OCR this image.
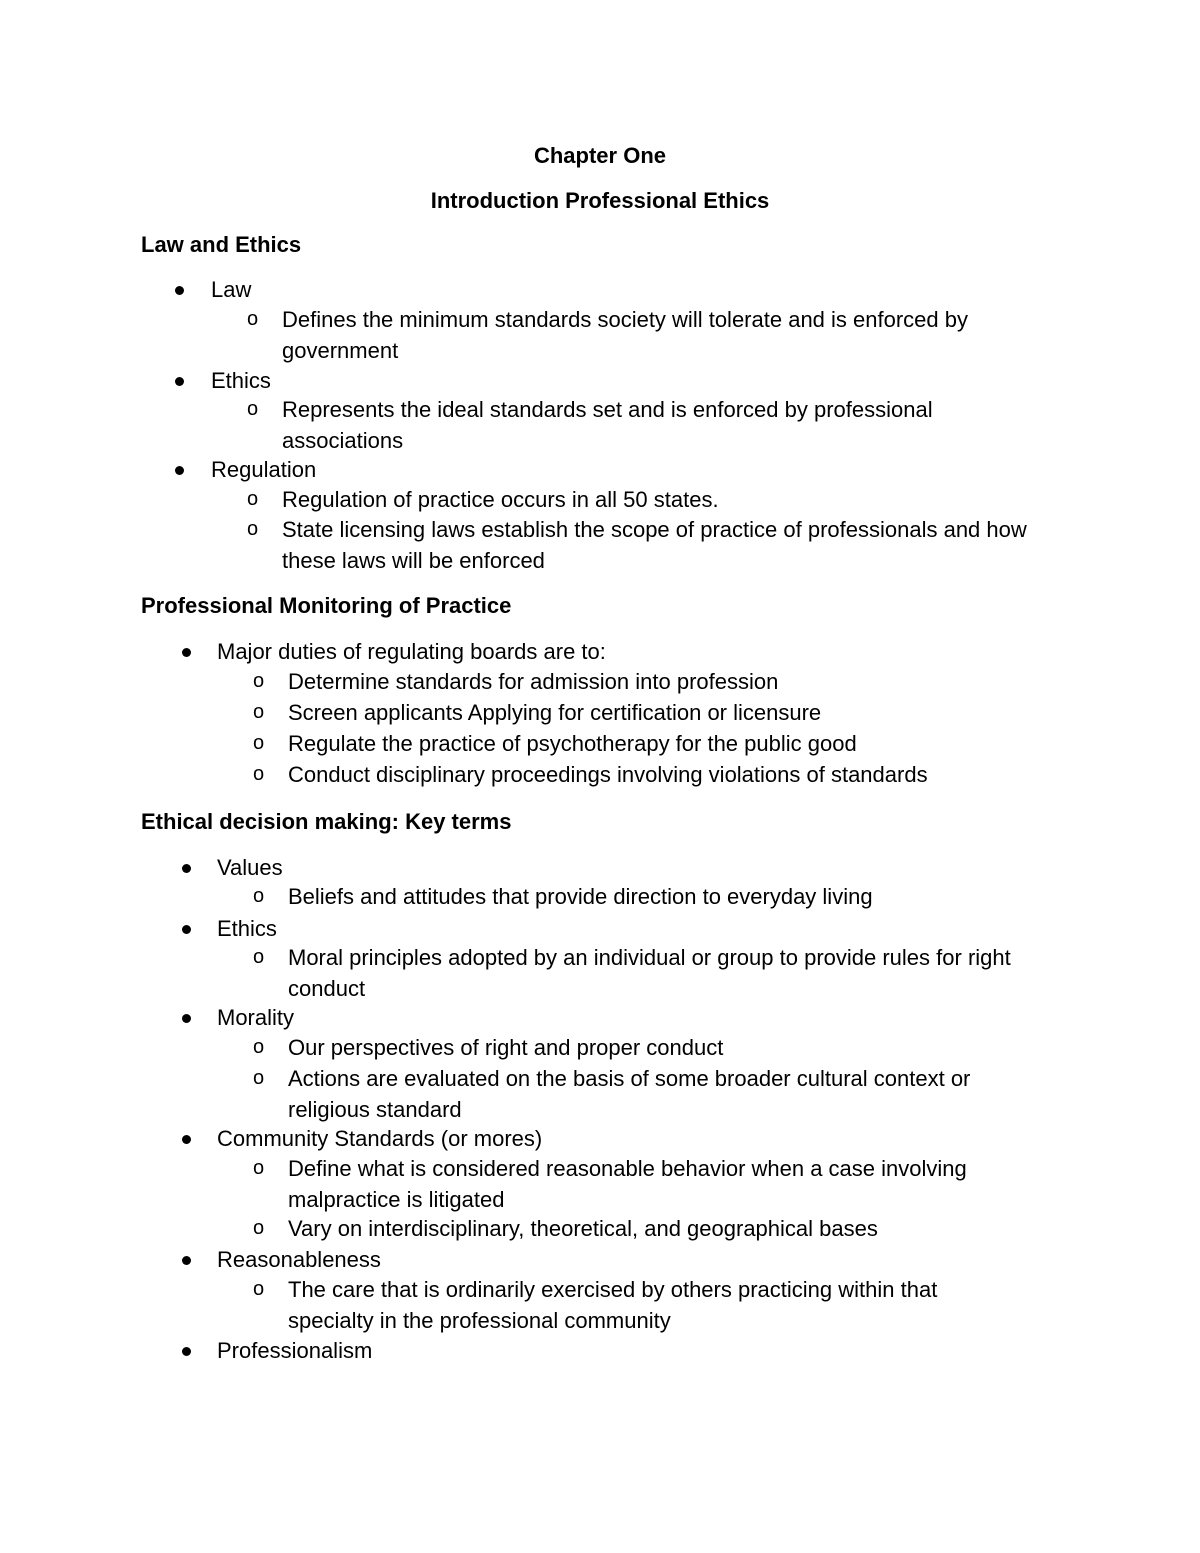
Chapter One
Introduction Professional Ethics
Law and Ethics
Law
o Defines the minimum standards society will tolerate and is enforced by government
Ethics
o Represents the ideal standards set and is enforced by professional associations
Regulation
o Regulation of practice occurs in all 50 states.
o State licensing laws establish the scope of practice of professionals and how these laws will be enforced
Professional Monitoring of Practice
Major duties of regulating boards are to:
o Determine standards for admission into profession
o Screen applicants Applying for certification or licensure
o Regulate the practice of psychotherapy for the public good
o Conduct disciplinary proceedings involving violations of standards
Ethical decision making: Key terms
Values
o Beliefs and attitudes that provide direction to everyday living
Ethics
o Moral principles adopted by an individual or group to provide rules for right conduct
Morality
o Our perspectives of right and proper conduct
o Actions are evaluated on the basis of some broader cultural context or religious standard
Community Standards (or mores)
o Define what is considered reasonable behavior when a case involving malpractice is litigated
o Vary on interdisciplinary, theoretical, and geographical bases
Reasonableness
o The care that is ordinarily exercised by others practicing within that specialty in the professional community
Professionalism
